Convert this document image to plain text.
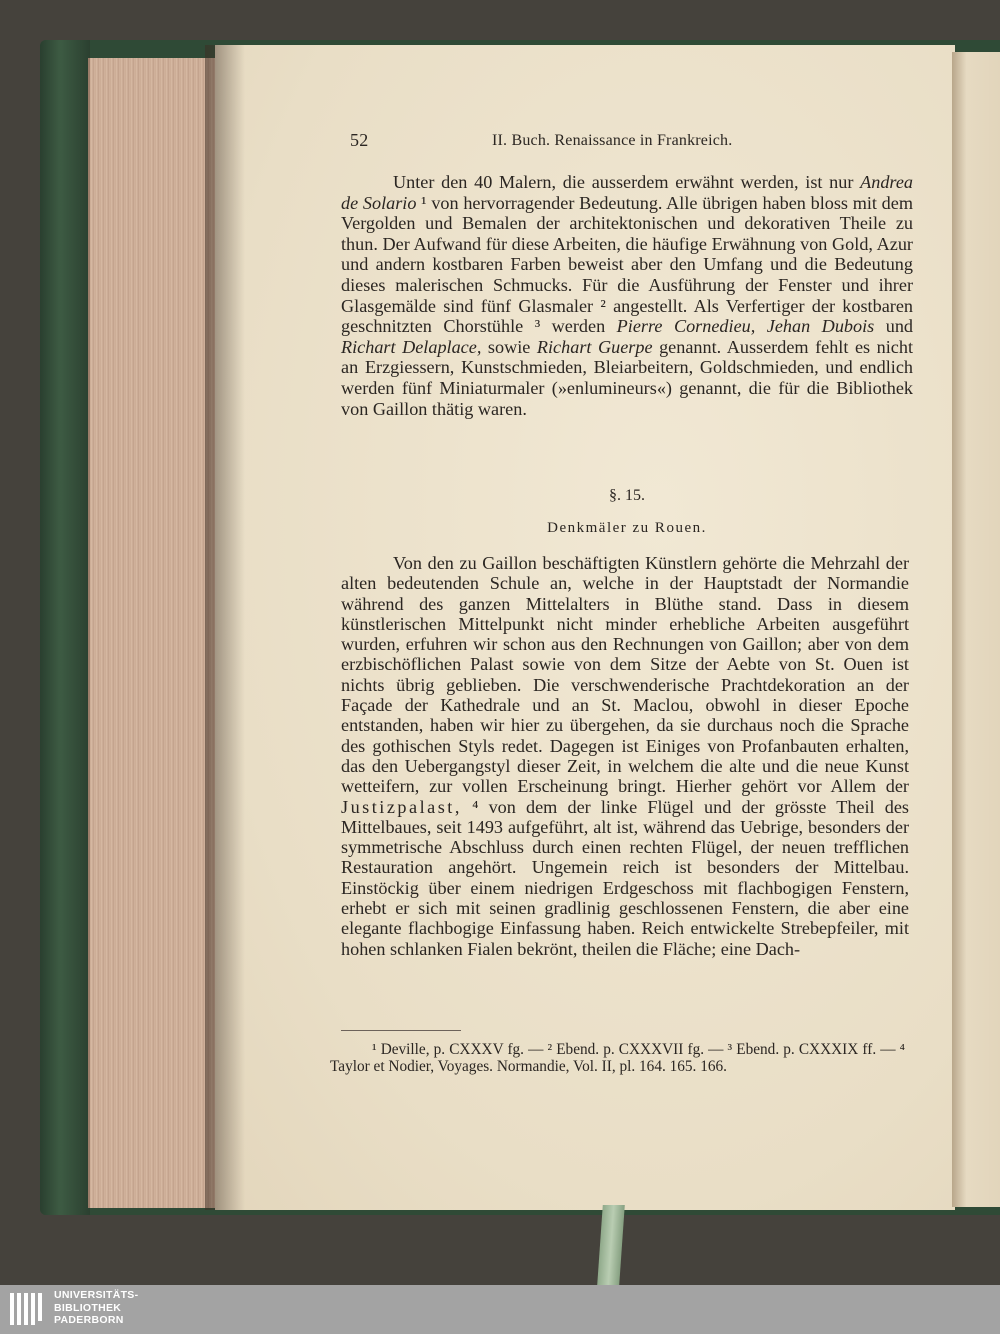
52	II. Buch. Renaissance in Frankreich.

Unter den 40 Malern, die ausserdem erwähnt werden, ist nur Andrea de Solario ¹ von hervorragender Bedeutung. Alle übrigen haben bloss mit dem Vergolden und Bemalen der architektonischen und dekorativen Theile zu thun. Der Aufwand für diese Arbeiten, die häufige Erwähnung von Gold, Azur und andern kostbaren Farben beweist aber den Umfang und die Bedeutung dieses malerischen Schmucks. Für die Ausführung der Fenster und ihrer Glasgemälde sind fünf Glasmaler ² angestellt. Als Verfertiger der kostbaren geschnitzten Chorstühle ³ werden Pierre Cornedieu, Jehan Dubois und Richart Delaplace, sowie Richart Guerpe genannt. Ausserdem fehlt es nicht an Erzgiessern, Kunstschmieden, Bleiarbeitern, Goldschmieden, und endlich werden fünf Miniaturmaler (»enlumineurs«) genannt, die für die Bibliothek von Gaillon thätig waren.

§. 15.
Denkmäler zu Rouen.

Von den zu Gaillon beschäftigten Künstlern gehörte die Mehrzahl der alten bedeutenden Schule an, welche in der Hauptstadt der Normandie während des ganzen Mittelalters in Blüthe stand. Dass in diesem künstlerischen Mittelpunkt nicht minder erhebliche Arbeiten ausgeführt wurden, erfuhren wir schon aus den Rechnungen von Gaillon; aber von dem erzbischöflichen Palast sowie von dem Sitze der Aebte von St. Ouen ist nichts übrig geblieben. Die verschwenderische Prachtdekoration an der Façade der Kathedrale und an St. Maclou, obwohl in dieser Epoche entstanden, haben wir hier zu übergehen, da sie durchaus noch die Sprache des gothischen Styls redet. Dagegen ist Einiges von Profanbauten erhalten, das den Uebergangstyl dieser Zeit, in welchem die alte und die neue Kunst wetteifern, zur vollen Erscheinung bringt. Hierher gehört vor Allem der Justizpalast, ⁴ von dem der linke Flügel und der grösste Theil des Mittelbaues, seit 1493 aufgeführt, alt ist, während das Uebrige, besonders der symmetrische Abschluss durch einen rechten Flügel, der neuen trefflichen Restauration angehört. Ungemein reich ist besonders der Mittelbau. Einstöckig über einem niedrigen Erdgeschoss mit flachbogigen Fenstern, erhebt er sich mit seinen gradlinig geschlossenen Fenstern, die aber eine elegante flachbogige Einfassung haben. Reich entwickelte Strebepfeiler, mit hohen schlanken Fialen bekrönt, theilen die Fläche; eine Dach-

¹ Deville, p. CXXXV fg. — ² Ebend. p. CXXXVII fg. — ³ Ebend. p. CXXXIX ff. — ⁴ Taylor et Nodier, Voyages. Normandie, Vol. II, pl. 164. 165. 166.
UNIVERSITÄTS-
BIBLIOTHEK
PADERBORN
